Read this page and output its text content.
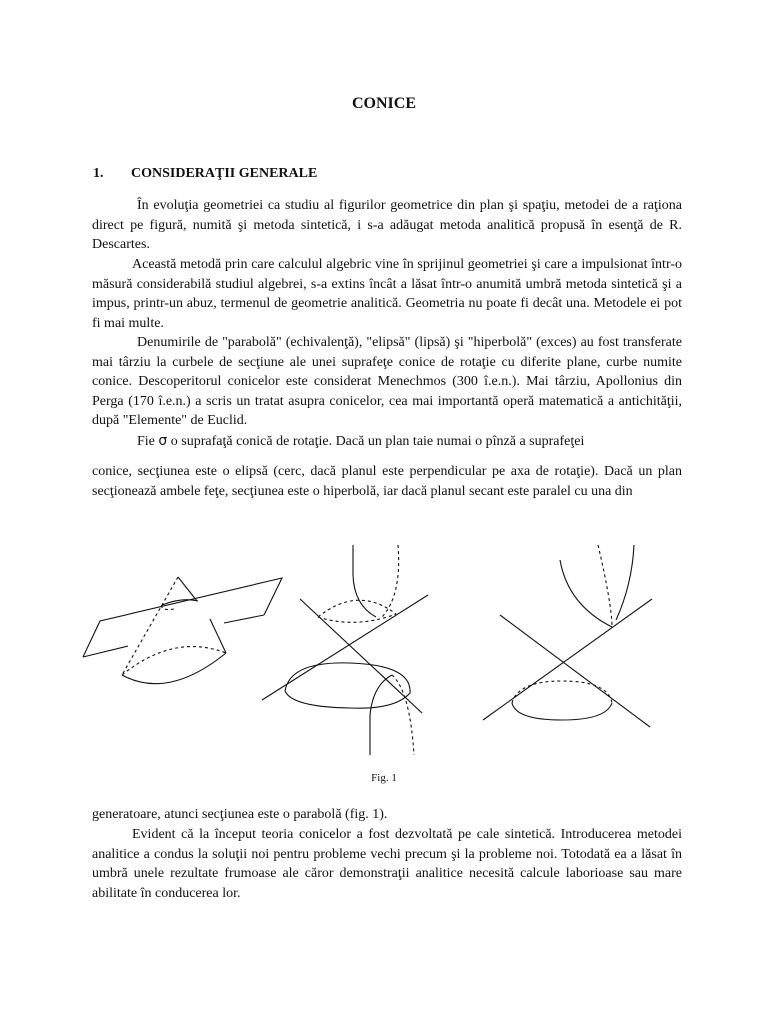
CONICE
1. CONSIDERAŢII GENERALE

În evoluţia geometriei ca studiu al figurilor geometrice din plan şi spaţiu, metodei de a raţiona direct pe figură, numită şi metoda sintetică, i s-a adăugat metoda analitică propusă în esenţă de R. Descartes.

Această metodă prin care calculul algebric vine în sprijinul geometriei şi care a impulsionat într-o măsură considerabilă studiul algebrei, s-a extins încât a lăsat într-o anumită umbră metoda sintetică şi a impus, printr-un abuz, termenul de geometrie analitică. Geometria nu poate fi decât una. Metodele ei pot fi mai multe.

Denumirile de "parabolă" (echivalenţă), "elipsă" (lipsă) şi "hiperbolă" (exces) au fost transferate mai târziu la curbele de secţiune ale unei suprafeţe conice de rotaţie cu diferite plane, curbe numite conice. Descoperitorul conicelor este considerat Menechmos (300 î.e.n.). Mai târziu, Apollonius din Perga (170 î.e.n.) a scris un tratat asupra conicelor, cea mai importantă operă matematică a antichităţii, după "Elemente" de Euclid.

Fie σ o suprafaţă conică de rotaţie. Dacă un plan taie numai o pînză a suprafeţei

conice, secţiunea este o elipsă (cerc, dacă planul este perpendicular pe axa de rotaţie). Dacă un plan secţionează ambele feţe, secţiunea este o hiperbolă, iar dacă planul secant este paralel cu una din

Fig. 1

generatoare, atunci secţiunea este o parabolă (fig. 1).

Evident că la început teoria conicelor a fost dezvoltată pe cale sintetică. Introducerea metodei analitice a condus la soluţii noi pentru probleme vechi precum şi la probleme noi. Totodată ea a lăsat în umbră unele rezultate frumoase ale căror demonstraţii analitice necesită calcule laborioase sau mare abilitate în conducerea lor.
